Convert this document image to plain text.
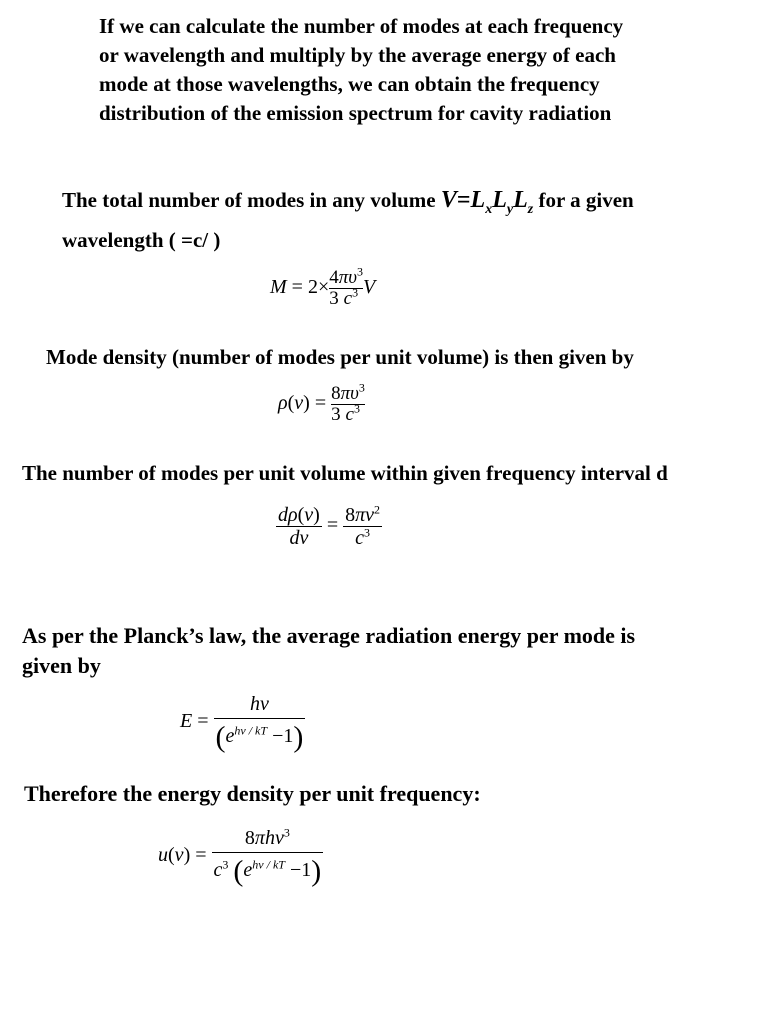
If we can calculate the number of modes at each frequency
or wavelength and multiply by the average energy of each
mode at those wavelengths, we can obtain the frequency
distribution of the emission spectrum for cavity radiation
The total number of modes in any volume $V=L_xL_yL_z$ for a given
wavelength ( =c/ )
$M = 2\times \frac{4}{3} \frac{\pi\upsilon^3}{c^3}$ V
Mode density (number of modes per unit volume) is then given by
$\rho(\nu) = \frac{8}{3} \frac{\pi\upsilon^3}{c^3}$
The number of modes per unit volume within given frequency interval d
$\frac{d\rho(\nu)}{d\nu} = \frac{8\pi\nu^2}{c^3}$
As per the Planck’s law, the average radiation energy per mode is
given by
$E = \frac{h\nu}{(e^{h\nu / kT} -1)}$
Therefore the energy density per unit frequency:
$u(\nu) = \frac{8\pi h\nu^3}{c^3 (e^{h\nu / kT} -1)}$
